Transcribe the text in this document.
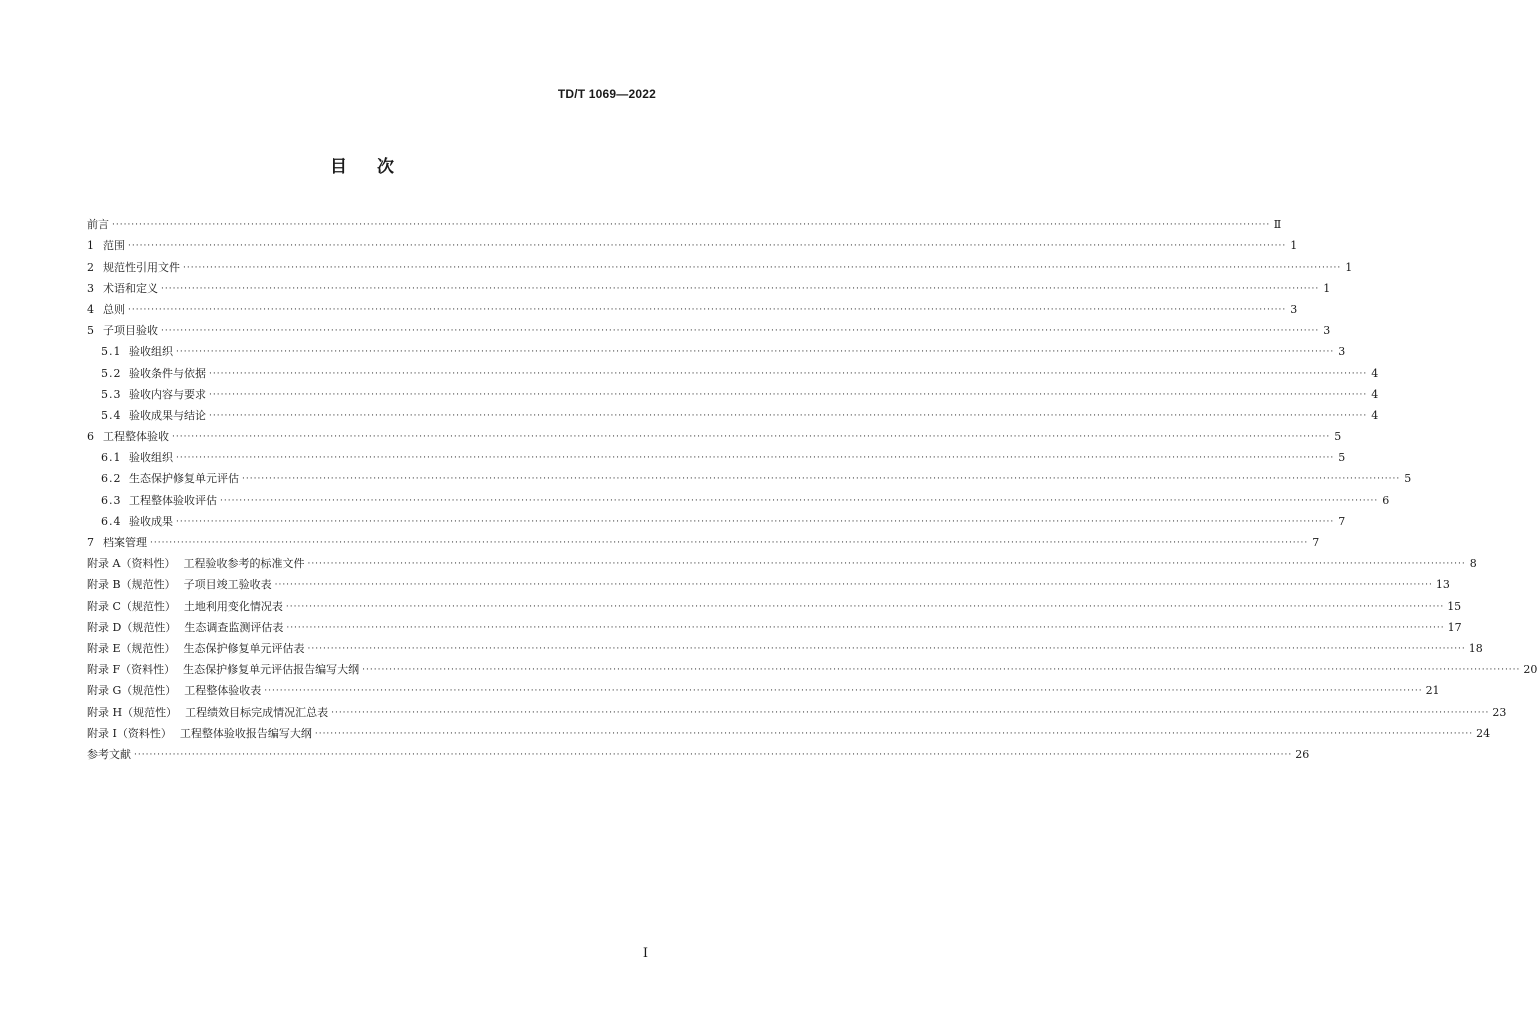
TD/T 1069—2022
目次
前言 ············································································································································································································································································································ Ⅱ
1 范围 ············································································································································································································································································································ 1
2 规范性引用文件 ············································································································································································································································································································ 1
3 术语和定义 ············································································································································································································································································································ 1
4 总则 ············································································································································································································································································································ 3
5 子项目验收 ············································································································································································································································································································ 3
5.1 验收组织 ············································································································································································································································································································ 3
5.2 验收条件与依据 ············································································································································································································································································································ 4
5.3 验收内容与要求 ············································································································································································································································································································ 4
5.4 验收成果与结论 ············································································································································································································································································································ 4
6 工程整体验收 ············································································································································································································································································································ 5
6.1 验收组织 ············································································································································································································································································································ 5
6.2 生态保护修复单元评估 ············································································································································································································································································································ 5
6.3 工程整体验收评估 ············································································································································································································································································································ 6
6.4 验收成果 ············································································································································································································································································································ 7
7 档案管理 ············································································································································································································································································································ 7
附录 A（资料性） 工程验收参考的标准文件 ············································································································································································································································································································ 8
附录 B（规范性） 子项目竣工验收表 ············································································································································································································································································································ 13
附录 C（规范性） 土地利用变化情况表 ············································································································································································································································································································ 15
附录 D（规范性） 生态调查监测评估表 ············································································································································································································································································································ 17
附录 E（规范性） 生态保护修复单元评估表 ············································································································································································································································································································ 18
附录 F（资料性） 生态保护修复单元评估报告编写大纲 ············································································································································································································································································································ 20
附录 G（规范性） 工程整体验收表 ············································································································································································································································································································ 21
附录 H（规范性） 工程绩效目标完成情况汇总表 ············································································································································································································································································································ 23
附录 I（资料性） 工程整体验收报告编写大纲 ············································································································································································································································································································ 24
参考文献 ············································································································································································································································································································ 26
I
